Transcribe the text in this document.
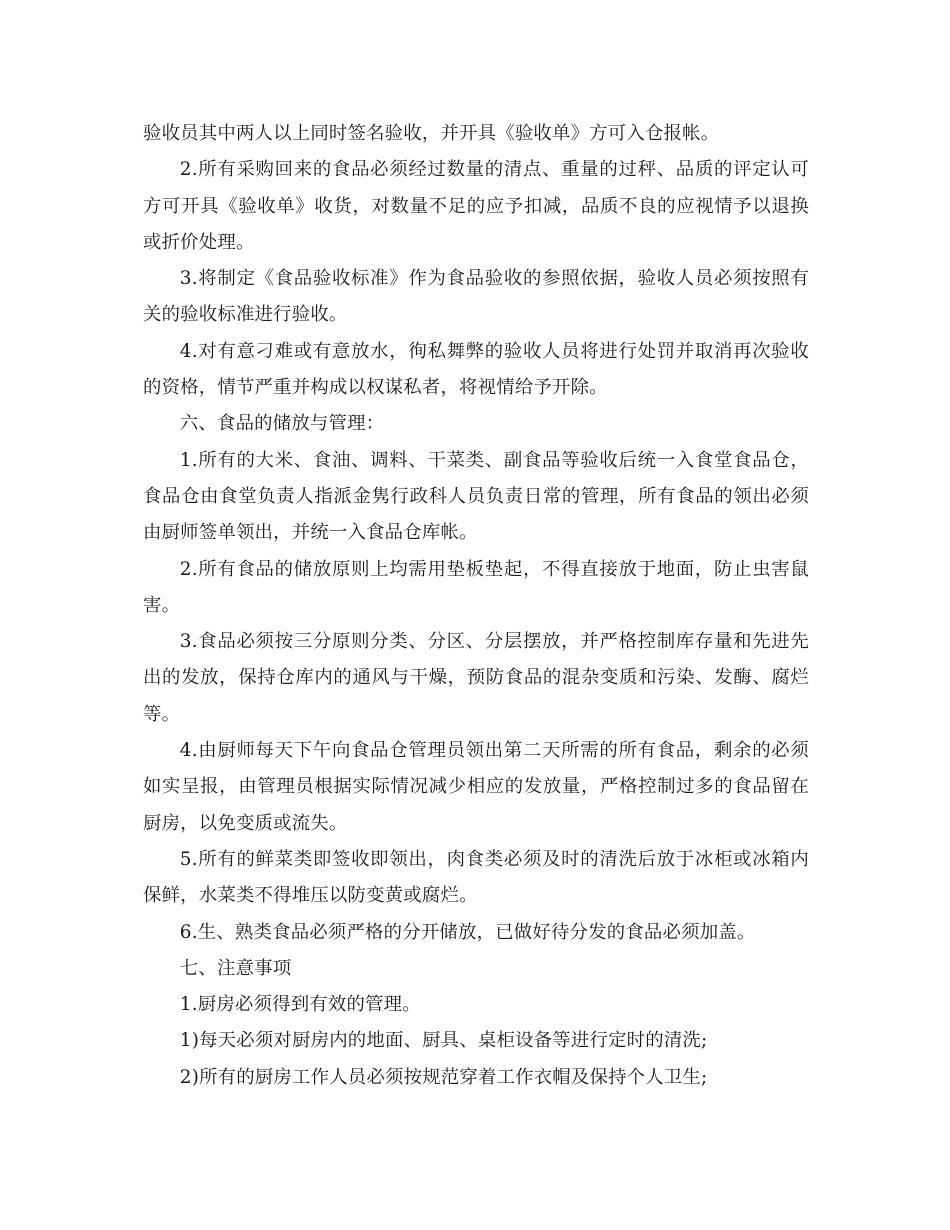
验收员其中两人以上同时签名验收，并开具《验收单》方可入仓报帐。

2.所有采购回来的食品必须经过数量的清点、重量的过秤、品质的评定认可方可开具《验收单》收货，对数量不足的应予扣减，品质不良的应视情予以退换或折价处理。

3.将制定《食品验收标准》作为食品验收的参照依据，验收人员必须按照有关的验收标准进行验收。

4.对有意刁难或有意放水，徇私舞弊的验收人员将进行处罚并取消再次验收的资格，情节严重并构成以权谋私者，将视情给予开除。

六、食品的储放与管理：

1.所有的大米、食油、调料、干菜类、副食品等验收后统一入食堂食品仓，食品仓由食堂负责人指派金隽行政科人员负责日常的管理，所有食品的领出必须由厨师签单领出，并统一入食品仓库帐。

2.所有食品的储放原则上均需用垫板垫起，不得直接放于地面，防止虫害鼠害。

3.食品必须按三分原则分类、分区、分层摆放，并严格控制库存量和先进先出的发放，保持仓库内的通风与干燥，预防食品的混杂变质和污染、发酶、腐烂等。

4.由厨师每天下午向食品仓管理员领出第二天所需的所有食品，剩余的必须如实呈报，由管理员根据实际情况减少相应的发放量，严格控制过多的食品留在厨房，以免变质或流失。

5.所有的鲜菜类即签收即领出，肉食类必须及时的清洗后放于冰柜或冰箱内保鲜，水菜类不得堆压以防变黄或腐烂。

6.生、熟类食品必须严格的分开储放，已做好待分发的食品必须加盖。

七、注意事项

1.厨房必须得到有效的管理。

1)每天必须对厨房内的地面、厨具、桌柜设备等进行定时的清洗;

2)所有的厨房工作人员必须按规范穿着工作衣帽及保持个人卫生;
